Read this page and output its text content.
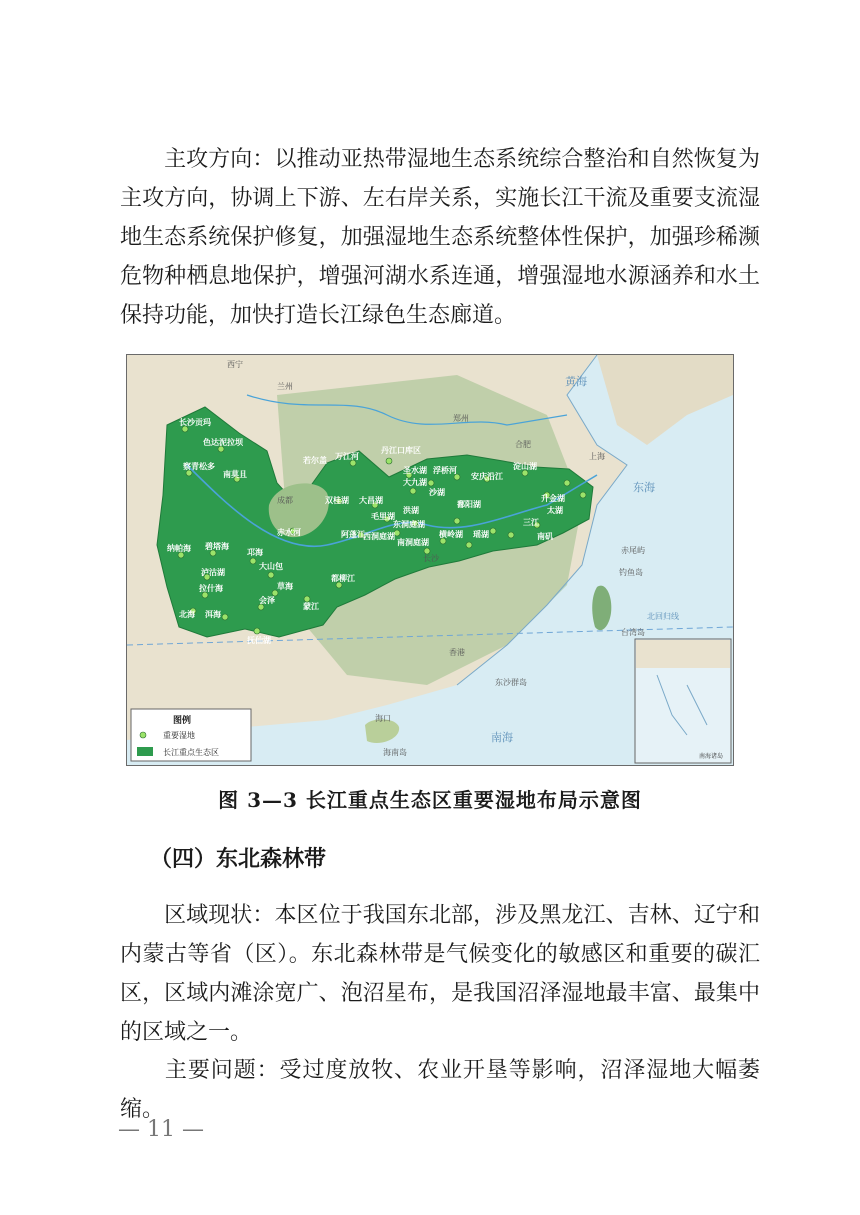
主攻方向：以推动亚热带湿地生态系统综合整治和自然恢复为主攻方向，协调上下游、左右岸关系，实施长江干流及重要支流湿地生态系统保护修复，加强湿地生态系统整体性保护，加强珍稀濒危物种栖息地保护，增强河湖水系连通，增强湿地水源涵养和水土保持功能，加快打造长江绿色生态廊道。

长沙贡玛
色达泥拉坝
察青松多
南莫且
若尔盖 万江河
丹江口库区
圣水湖
大九湖
洪湖
沙湖
浮桥河
安庆沿江
淀山湖
升金湖
太湖
双桂湖 大昌湖
毛里湖
东洞庭湖
西洞庭湖
阿蓬江
赤水河
鄱阳湖
南矶
三江
纳帕海 碧塔海
泸沽湖
拉什海
邛海
大山包
草海
会泽
北海 洱海
抚仙湖
都柳江
蒙江
横岭湖
南洞庭湖
瑶湖
西宁
兰州
郑州
合肥
上海
成都
长沙
香港
海口
海南岛
台湾岛
东沙群岛
赤尾屿
钓鱼岛
黄海
东海
南海
北回归线
南海诸岛
图例
重要湿地
长江重点生态区
图 3—3 长江重点生态区重要湿地布局示意图
（四）东北森林带

区域现状：本区位于我国东北部，涉及黑龙江、吉林、辽宁和内蒙古等省（区）。东北森林带是气候变化的敏感区和重要的碳汇区，区域内滩涂宽广、泡沼星布，是我国沼泽湿地最丰富、最集中的区域之一。

主要问题：受过度放牧、农业开垦等影响，沼泽湿地大幅萎缩。

— 11 —
